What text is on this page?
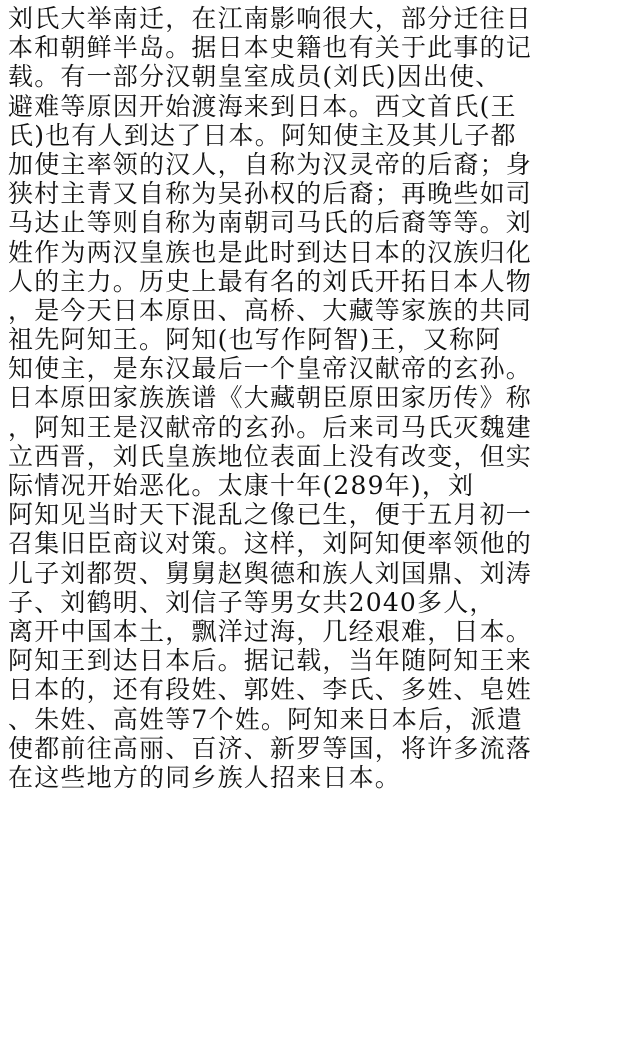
刘氏大举南迁，在江南影响很大，部分迁往日
本和朝鲜半岛。据日本史籍也有关于此事的记
载。有一部分汉朝皇室成员(刘氏)因出使、
避难等原因开始渡海来到日本。西文首氏(王
氏)也有人到达了日本。阿知使主及其儿子都
加使主率领的汉人，自称为汉灵帝的后裔；身
狭村主青又自称为吴孙权的后裔；再晚些如司
马达止等则自称为南朝司马氏的后裔等等。刘
姓作为两汉皇族也是此时到达日本的汉族归化
人的主力。历史上最有名的刘氏开拓日本人物
，是今天日本原田、高桥、大藏等家族的共同
祖先阿知王。阿知(也写作阿智)王，又称阿
知使主，是东汉最后一个皇帝汉献帝的玄孙。
日本原田家族族谱《大藏朝臣原田家历传》称
，阿知王是汉献帝的玄孙。后来司马氏灭魏建
立西晋，刘氏皇族地位表面上没有改变，但实
际情况开始恶化。太康十年(289年)，刘
阿知见当时天下混乱之像已生，便于五月初一
召集旧臣商议对策。这样，刘阿知便率领他的
儿子刘都贺、舅舅赵舆德和族人刘国鼎、刘涛
子、刘鹤明、刘信子等男女共2040多人，
离开中国本土，飘洋过海，几经艰难，日本。
阿知王到达日本后。据记载，当年随阿知王来
日本的，还有段姓、郭姓、李氏、多姓、皂姓
、朱姓、高姓等7个姓。阿知来日本后，派遣
使都前往高丽、百济、新罗等国，将许多流落
在这些地方的同乡族人招来日本。
